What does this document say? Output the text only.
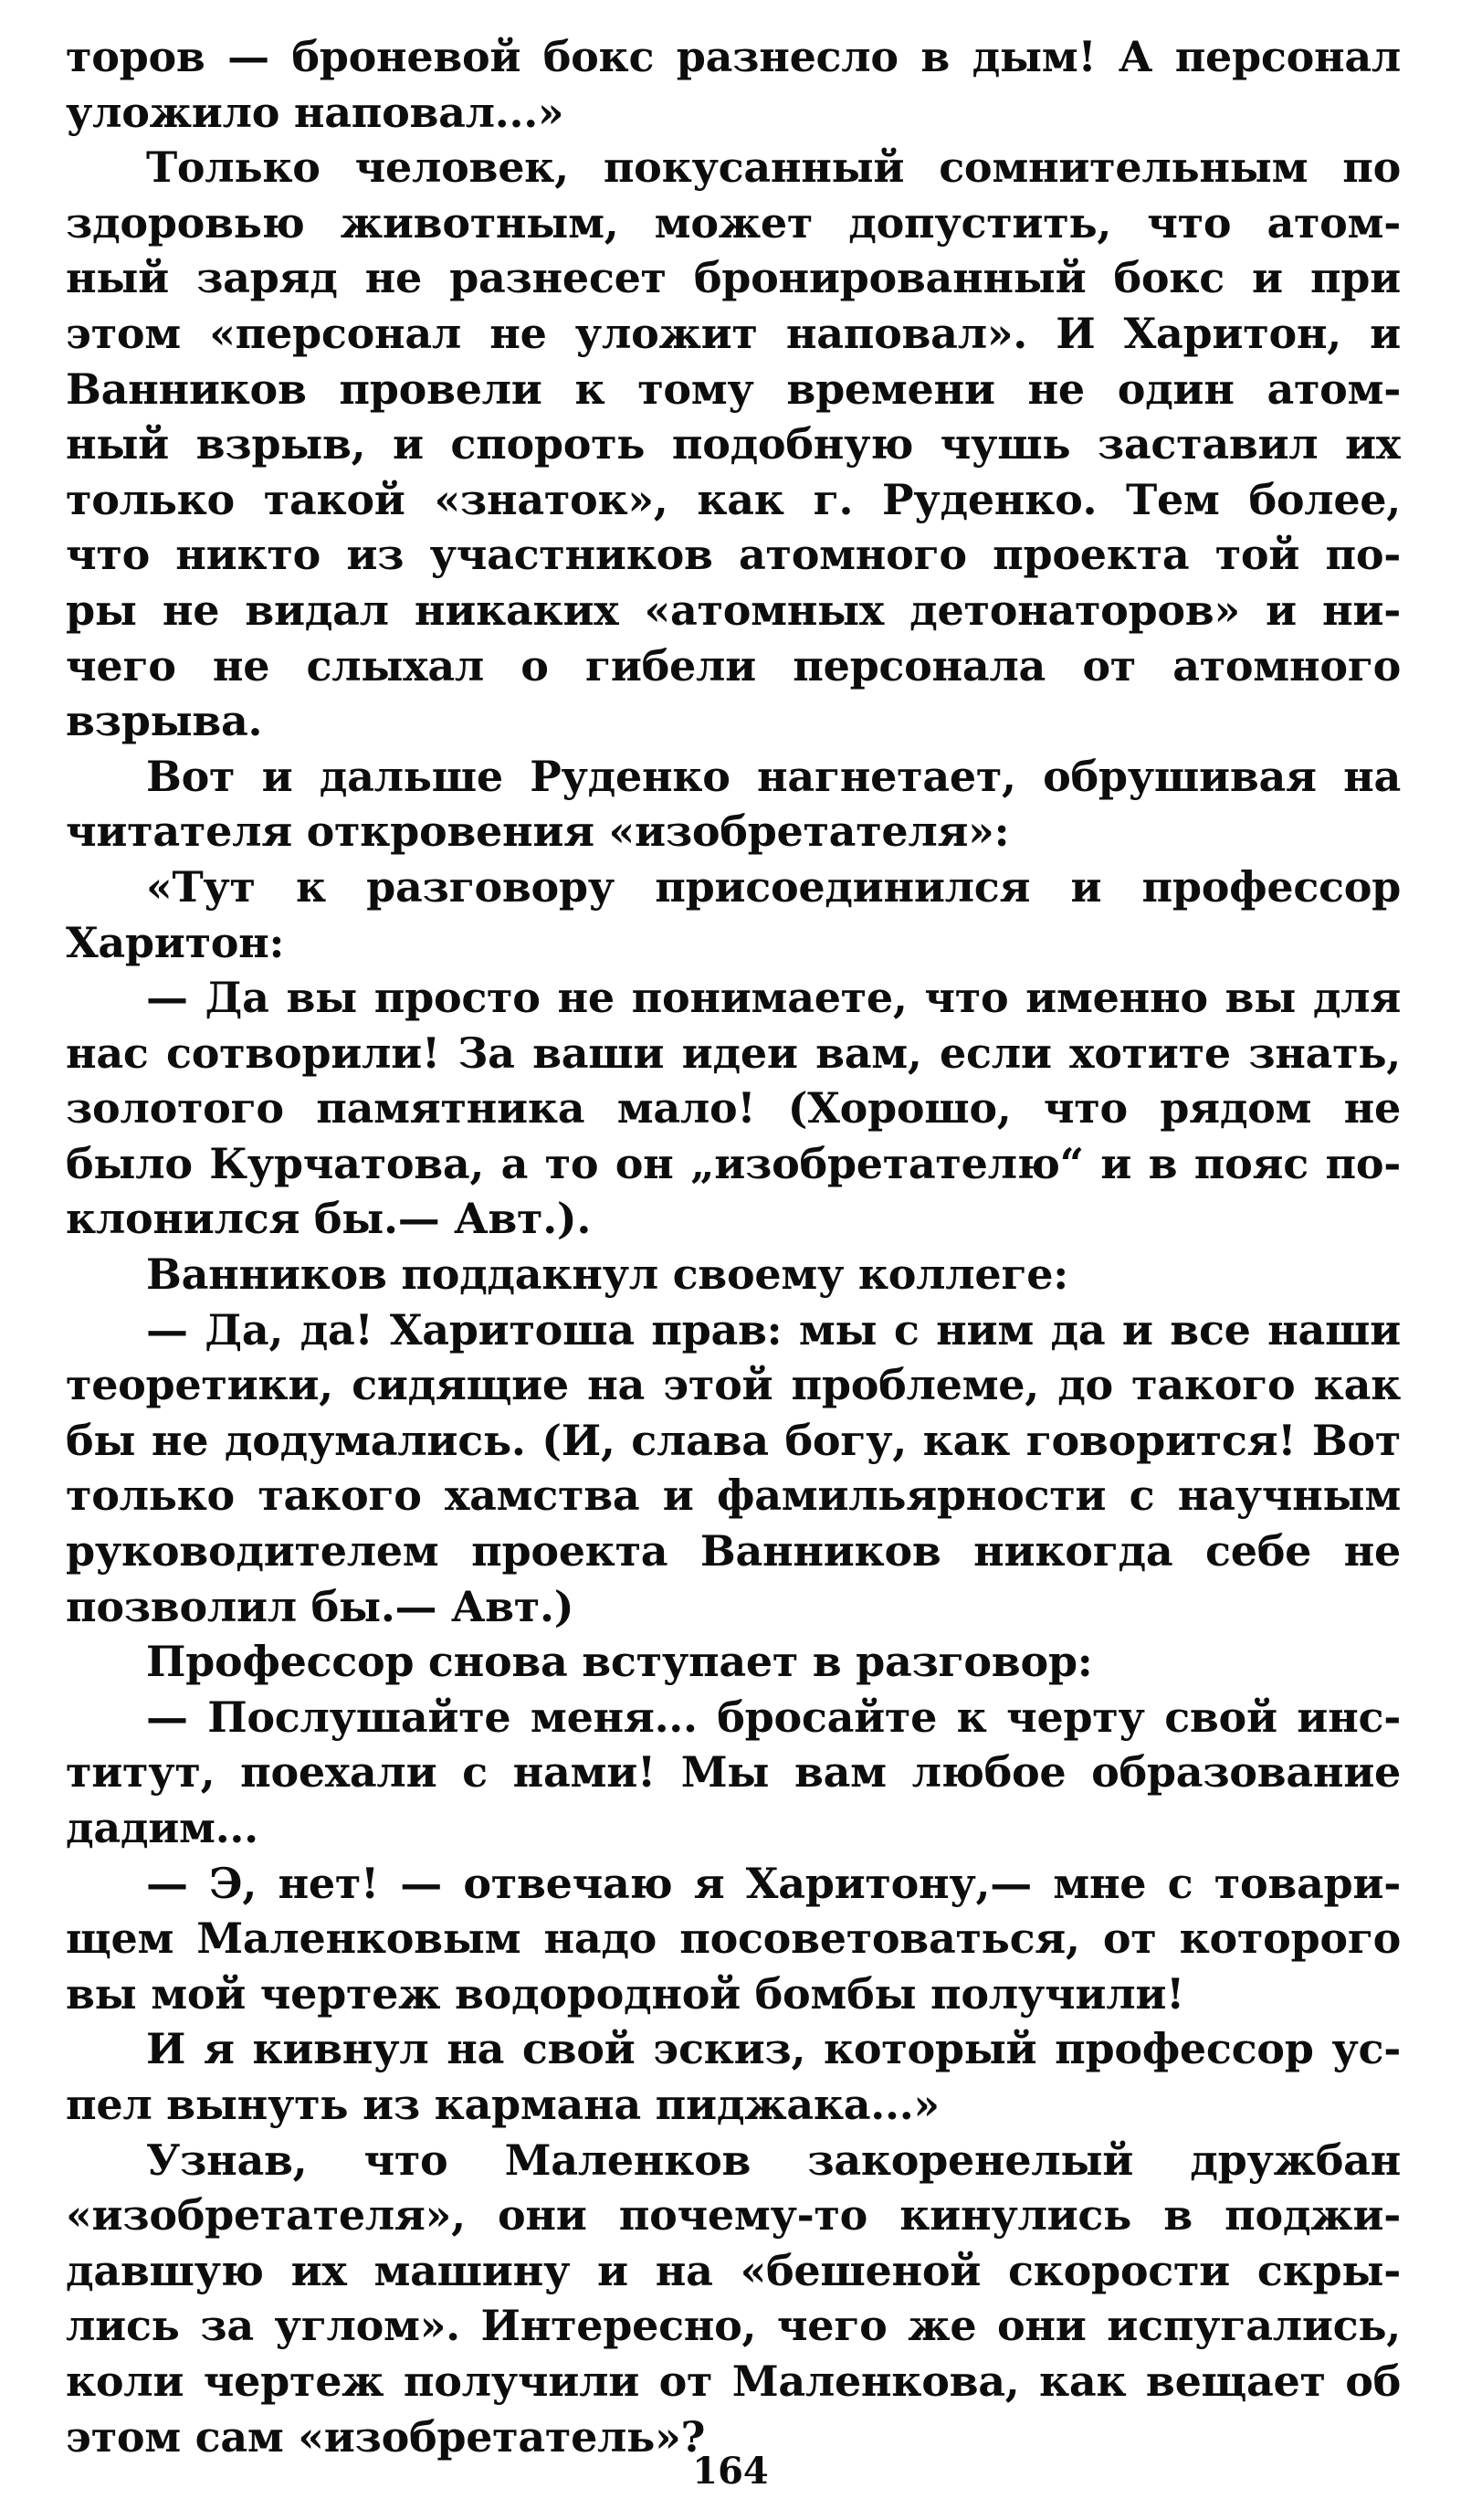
торов — броневой бокс разнесло в дым! А персонал
уложило наповал...»
Только человек, покусанный сомнительным по
здоровью животным, может допустить, что атом-
ный заряд не разнесет бронированный бокс и при
этом «персонал не уложит наповал». И Харитон, и
Ванников провели к тому времени не один атом-
ный взрыв, и спороть подобную чушь заставил их
только такой «знаток», как г. Руденко. Тем более,
что никто из участников атомного проекта той по-
ры не видал никаких «атомных детонаторов» и ни-
чего не слыхал о гибели персонала от атомного
взрыва.
Вот и дальше Руденко нагнетает, обрушивая на
читателя откровения «изобретателя»:
«Тут к разговору присоединился и профессор
Харитон:
— Да вы просто не понимаете, что именно вы для
нас сотворили! За ваши идеи вам, если хотите знать,
золотого памятника мало! (Хорошо, что рядом не
было Курчатова, а то он „изобретателю“ и в пояс по-
клонился бы.— Авт.).
Ванников поддакнул своему коллеге:
— Да, да! Харитоша прав: мы с ним да и все наши
теоретики, сидящие на этой проблеме, до такого как
бы не додумались. (И, слава богу, как говорится! Вот
только такого хамства и фамильярности с научным
руководителем проекта Ванников никогда себе не
позволил бы.— Авт.)
Профессор снова вступает в разговор:
— Послушайте меня... бросайте к черту свой инс-
титут, поехали с нами! Мы вам любое образование
дадим...
— Э, нет! — отвечаю я Харитону,— мне с товари-
щем Маленковым надо посоветоваться, от которого
вы мой чертеж водородной бомбы получили!
И я кивнул на свой эскиз, который профессор ус-
пел вынуть из кармана пиджака...»
Узнав, что Маленков закоренелый дружбан
«изобретателя», они почему-то кинулись в поджи-
давшую их машину и на «бешеной скорости скры-
лись за углом». Интересно, чего же они испугались,
коли чертеж получили от Маленкова, как вещает об
этом сам «изобретатель»?
164
